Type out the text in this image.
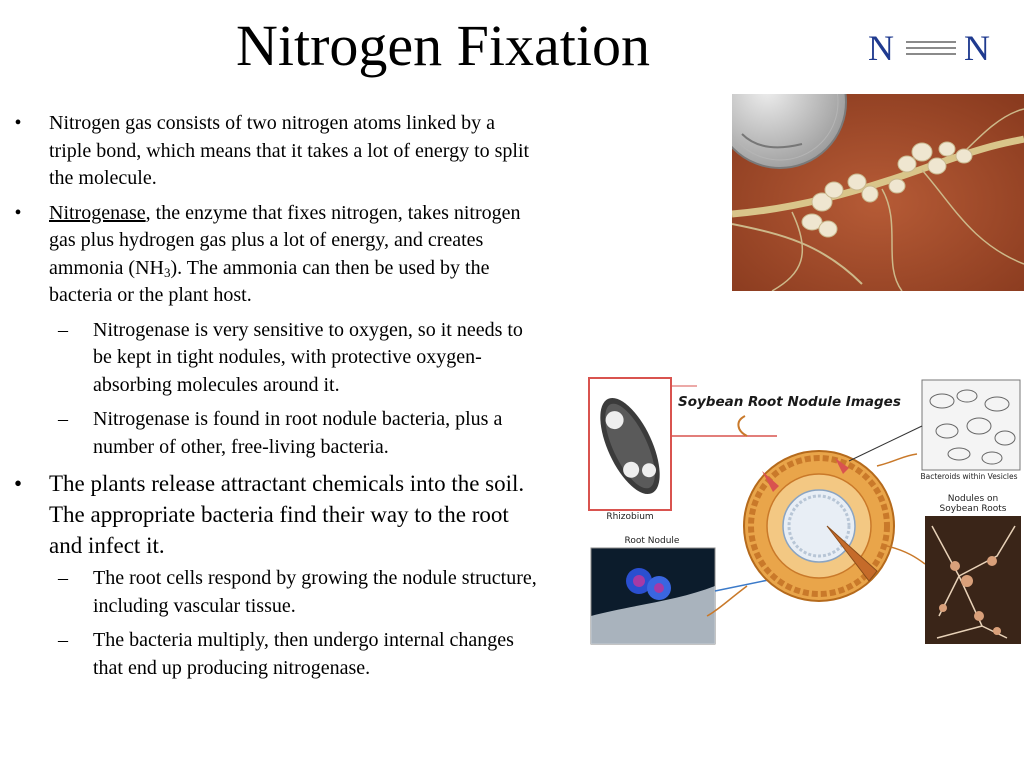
Nitrogen Fixation	N N
•	Nitrogen gas consists of two nitrogen atoms linked by a triple bond, which means that it takes a lot of energy to split the molecule.
•	Nitrogenase, the enzyme that fixes nitrogen, takes nitrogen gas plus hydrogen gas plus a lot of energy, and creates ammonia $(NH_3)$. The ammonia can then be used by the bacteria or the plant host.
– Nitrogenase is very sensitive to oxygen, so it needs to be kept in tight nodules, with protective oxygen-absorbing molecules around it.
– Nitrogenase is found in root nodule bacteria, plus a number of other, free-living bacteria.
• The plants release attractant chemicals into the soil. The appropriate bacteria find their way to the root and infect it.
– The root cells respond by growing the nodule structure, including vascular tissue.
– The bacteria multiply, then undergo internal changes that end up producing nitrogenase.
Soybean Root Nodule Images
Rhizobium
Root Nodule
Bacteroids within Vesicles
Nodules on
Soybean Roots
